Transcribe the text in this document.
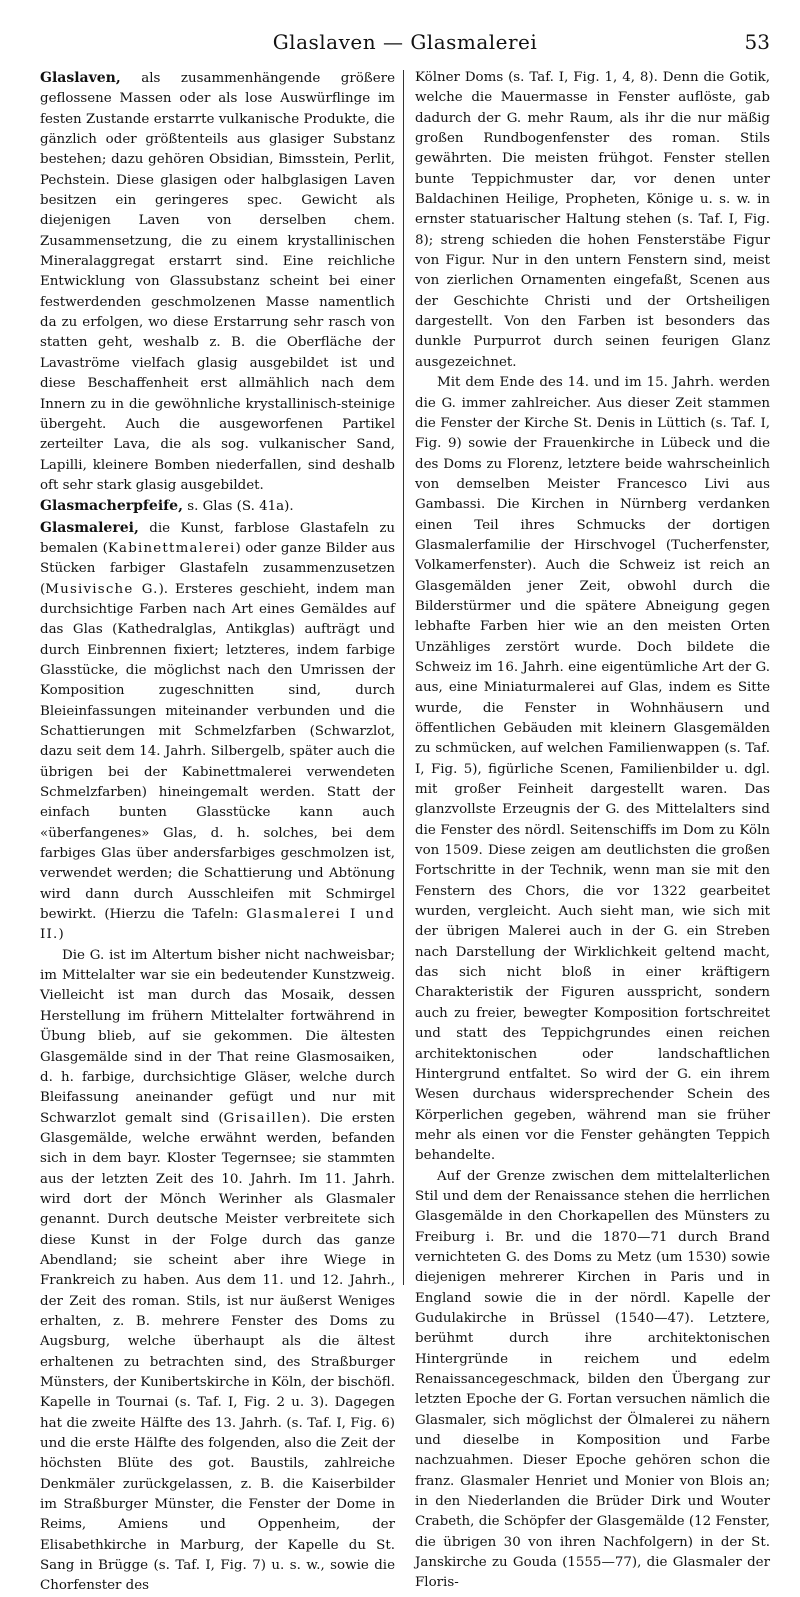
Glaslaven — Glasmalerei	53

Glaslaven, als zusammenhängende größere geflossene Massen oder als lose Auswürflinge im festen Zustande erstarrte vulkanische Produkte, die gänzlich oder größtenteils aus glasiger Substanz bestehen; dazu gehören Obsidian, Bimsstein, Perlit, Pechstein. Diese glasigen oder halbglasigen Laven besitzen ein geringeres spec. Gewicht als diejenigen Laven von derselben chem. Zusammensetzung, die zu einem krystallinischen Mineralaggregat erstarrt sind. Eine reichliche Entwicklung von Glassubstanz scheint bei einer festwerdenden geschmolzenen Masse namentlich da zu erfolgen, wo diese Erstarrung sehr rasch von statten geht, weshalb z. B. die Oberfläche der Lavaströme vielfach glasig ausgebildet ist und diese Beschaffenheit erst allmählich nach dem Innern zu in die gewöhnliche krystallinisch-steinige übergeht. Auch die ausgeworfenen Partikel zerteilter Lava, die als sog. vulkanischer Sand, Lapilli, kleinere Bomben niederfallen, sind deshalb oft sehr stark glasig ausgebildet.

Glasmacherpfeife, s. Glas (S. 41a).

Glasmalerei, die Kunst, farblose Glastafeln zu bemalen (Kabinettmalerei) oder ganze Bilder aus Stücken farbiger Glastafeln zusammenzusetzen (Musivische G.). Ersteres geschieht, indem man durchsichtige Farben nach Art eines Gemäldes auf das Glas (Kathedralglas, Antikglas) aufträgt und durch Einbrennen fixiert; letzteres, indem farbige Glasstücke, die möglichst nach den Umrissen der Komposition zugeschnitten sind, durch Bleieinfassungen miteinander verbunden und die Schattierungen mit Schmelzfarben (Schwarzlot, dazu seit dem 14. Jahrh. Silbergelb, später auch die übrigen bei der Kabinettmalerei verwendeten Schmelzfarben) hineingemalt werden. Statt der einfach bunten Glasstücke kann auch «überfangenes» Glas, d. h. solches, bei dem farbiges Glas über andersfarbiges geschmolzen ist, verwendet werden; die Schattierung und Abtönung wird dann durch Ausschleifen mit Schmirgel bewirkt. (Hierzu die Tafeln: Glasmalerei I und II.)

Die G. ist im Altertum bisher nicht nachweisbar; im Mittelalter war sie ein bedeutender Kunstzweig. Vielleicht ist man durch das Mosaik, dessen Herstellung im frühern Mittelalter fortwährend in Übung blieb, auf sie gekommen. Die ältesten Glasgemälde sind in der That reine Glasmosaiken, d. h. farbige, durchsichtige Gläser, welche durch Bleifassung aneinander gefügt und nur mit Schwarzlot gemalt sind (Grisaillen). Die ersten Glasgemälde, welche erwähnt werden, befanden sich in dem bayr. Kloster Tegernsee; sie stammten aus der letzten Zeit des 10. Jahrh. Im 11. Jahrh. wird dort der Mönch Werinher als Glasmaler genannt. Durch deutsche Meister verbreitete sich diese Kunst in der Folge durch das ganze Abendland; sie scheint aber ihre Wiege in Frankreich zu haben. Aus dem 11. und 12. Jahrh., der Zeit des roman. Stils, ist nur äußerst Weniges erhalten, z. B. mehrere Fenster des Doms zu Augsburg, welche überhaupt als die ältest erhaltenen zu betrachten sind, des Straßburger Münsters, der Kunibertskirche in Köln, der bischöfl. Kapelle in Tournai (s. Taf. I, Fig. 2 u. 3). Dagegen hat die zweite Hälfte des 13. Jahrh. (s. Taf. I, Fig. 6) und die erste Hälfte des folgenden, also die Zeit der höchsten Blüte des got. Baustils, zahlreiche Denkmäler zurückgelassen, z. B. die Kaiserbilder im Straßburger Münster, die Fenster der Dome in Reims, Amiens und Oppenheim, der Elisabethkirche in Marburg, der Kapelle du St. Sang in Brügge (s. Taf. I, Fig. 7) u. s. w., sowie die Chorfenster des

Kölner Doms (s. Taf. I, Fig. 1, 4, 8). Denn die Gotik, welche die Mauermasse in Fenster auflöste, gab dadurch der G. mehr Raum, als ihr die nur mäßig großen Rundbogenfenster des roman. Stils gewährten. Die meisten frühgot. Fenster stellen bunte Teppichmuster dar, vor denen unter Baldachinen Heilige, Propheten, Könige u. s. w. in ernster statuarischer Haltung stehen (s. Taf. I, Fig. 8); streng schieden die hohen Fensterstäbe Figur von Figur. Nur in den untern Fenstern sind, meist von zierlichen Ornamenten eingefaßt, Scenen aus der Geschichte Christi und der Ortsheiligen dargestellt. Von den Farben ist besonders das dunkle Purpurrot durch seinen feurigen Glanz ausgezeichnet.

Mit dem Ende des 14. und im 15. Jahrh. werden die G. immer zahlreicher. Aus dieser Zeit stammen die Fenster der Kirche St. Denis in Lüttich (s. Taf. I, Fig. 9) sowie der Frauenkirche in Lübeck und die des Doms zu Florenz, letztere beide wahrscheinlich von demselben Meister Francesco Livi aus Gambassi. Die Kirchen in Nürnberg verdanken einen Teil ihres Schmucks der dortigen Glasmalerfamilie der Hirschvogel (Tucherfenster, Volkamerfenster). Auch die Schweiz ist reich an Glasgemälden jener Zeit, obwohl durch die Bilderstürmer und die spätere Abneigung gegen lebhafte Farben hier wie an den meisten Orten Unzähliges zerstört wurde. Doch bildete die Schweiz im 16. Jahrh. eine eigentümliche Art der G. aus, eine Miniaturmalerei auf Glas, indem es Sitte wurde, die Fenster in Wohnhäusern und öffentlichen Gebäuden mit kleinern Glasgemälden zu schmücken, auf welchen Familienwappen (s. Taf. I, Fig. 5), figürliche Scenen, Familienbilder u. dgl. mit großer Feinheit dargestellt waren. Das glanzvollste Erzeugnis der G. des Mittelalters sind die Fenster des nördl. Seitenschiffs im Dom zu Köln von 1509. Diese zeigen am deutlichsten die großen Fortschritte in der Technik, wenn man sie mit den Fenstern des Chors, die vor 1322 gearbeitet wurden, vergleicht. Auch sieht man, wie sich mit der übrigen Malerei auch in der G. ein Streben nach Darstellung der Wirklichkeit geltend macht, das sich nicht bloß in einer kräftigern Charakteristik der Figuren ausspricht, sondern auch zu freier, bewegter Komposition fortschreitet und statt des Teppichgrundes einen reichen architektonischen oder landschaftlichen Hintergrund entfaltet. So wird der G. ein ihrem Wesen durchaus widersprechender Schein des Körperlichen gegeben, während man sie früher mehr als einen vor die Fenster gehängten Teppich behandelte.

Auf der Grenze zwischen dem mittelalterlichen Stil und dem der Renaissance stehen die herrlichen Glasgemälde in den Chorkapellen des Münsters zu Freiburg i. Br. und die 1870—71 durch Brand vernichteten G. des Doms zu Metz (um 1530) sowie diejenigen mehrerer Kirchen in Paris und in England sowie die in der nördl. Kapelle der Gudulakirche in Brüssel (1540—47). Letztere, berühmt durch ihre architektonischen Hintergründe in reichem und edelm Renaissancegeschmack, bilden den Übergang zur letzten Epoche der G. Fortan versuchen nämlich die Glasmaler, sich möglichst der Ölmalerei zu nähern und dieselbe in Komposition und Farbe nachzuahmen. Dieser Epoche gehören schon die franz. Glasmaler Henriet und Monier von Blois an; in den Niederlanden die Brüder Dirk und Wouter Crabeth, die Schöpfer der Glasgemälde (12 Fenster, die übrigen 30 von ihren Nachfolgern) in der St. Janskirche zu Gouda (1555—77), die Glasmaler der Floris-
